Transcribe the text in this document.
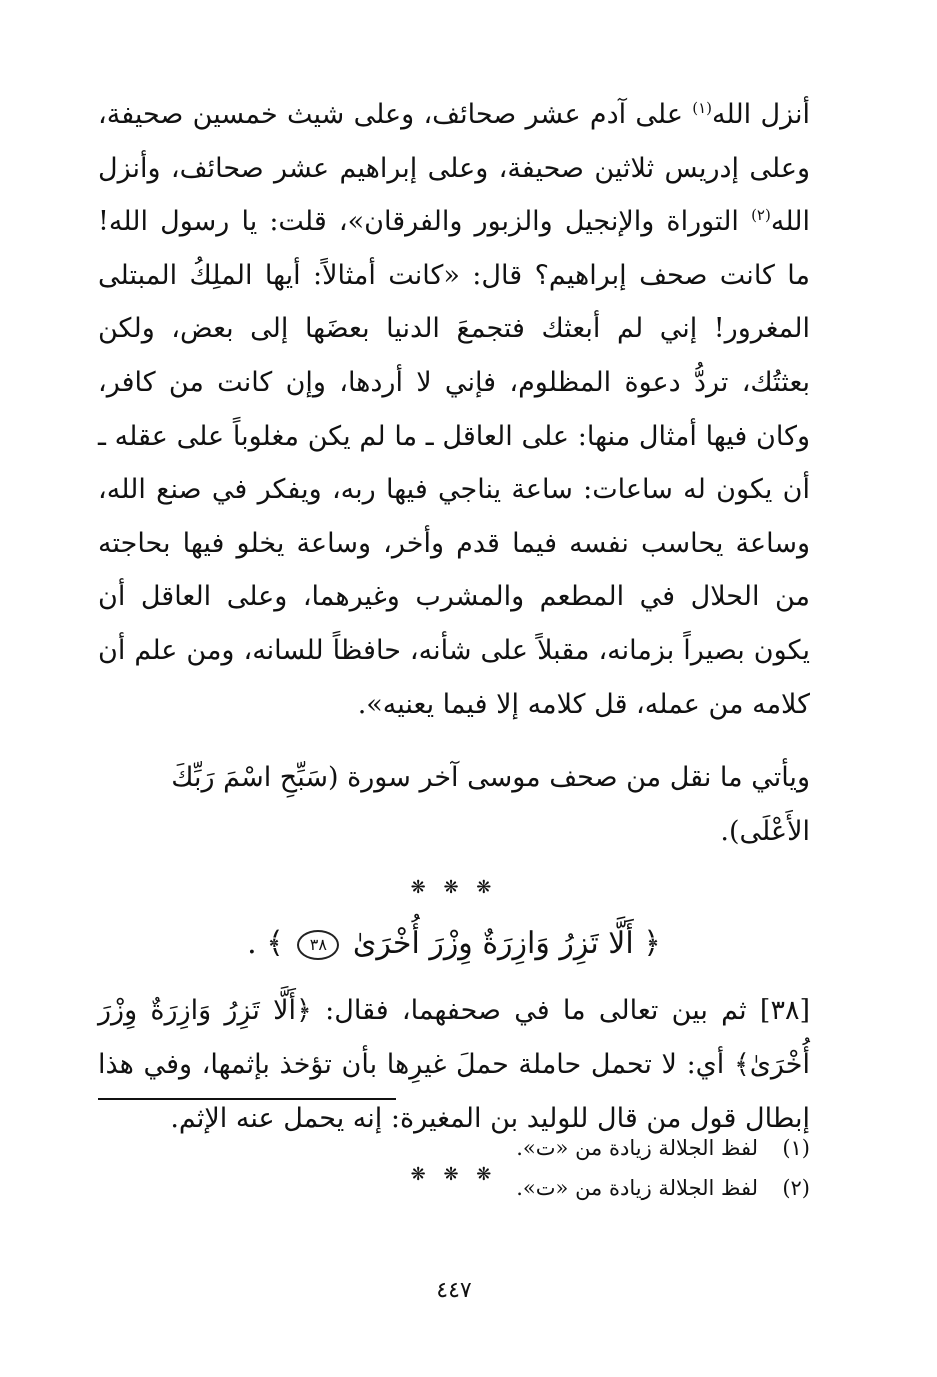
أنزل الله$^{(١)}$ على آدم عشر صحائف، وعلى شيث خمسين صحيفة، وعلى إدريس ثلاثين صحيفة، وعلى إبراهيم عشر صحائف، وأنزل الله$^{(٢)}$ التوراة والإنجيل والزبور والفرقان»، قلت: يا رسول الله! ما كانت صحف إبراهيم؟ قال: «كانت أمثالاً: أيها الملِكُ المبتلى المغرور! إني لم أبعثك فتجمعَ الدنيا بعضَها إلى بعض، ولكن بعثتُك، تردُّ دعوة المظلوم، فإني لا أردها، وإن كانت من كافر، وكان فيها أمثال منها: على العاقل ـ ما لم يكن مغلوباً على عقله ـ أن يكون له ساعات: ساعة يناجي فيها ربه، ويفكر في صنع الله، وساعة يحاسب نفسه فيما قدم وأخر، وساعة يخلو فيها بحاجته من الحلال في المطعم والمشرب وغيرهما، وعلى العاقل أن يكون بصيراً بزمانه، مقبلاً على شأنه، حافظاً للسانه، ومن علم أن كلامه من عمله، قل كلامه إلا فيما يعنيه».

ويأتي ما نقل من صحف موسى آخر سورة (سَبِّحِ اسْمَ رَبِّكَ الأَعْلَى).

❋ ❋ ❋
﴿ أَلَّا تَزِرُ وَازِرَةٌ وِزْرَ أُخْرَىٰ ٣٨ ﴾ .

[٣٨] ثم بين تعالى ما في صحفهما، فقال: ﴿أَلَّا تَزِرُ وَازِرَةٌ وِزْرَ أُخْرَىٰ﴾ أي: لا تحمل حاملة حملَ غيرِها بأن تؤخذ بإثمها، وفي هذا إبطال قول من قال للوليد بن المغيرة: إنه يحمل عنه الإثم.

❋ ❋ ❋
(١)لفظ الجلالة زيادة من «ت».
(٢)لفظ الجلالة زيادة من «ت».
٤٤٧
